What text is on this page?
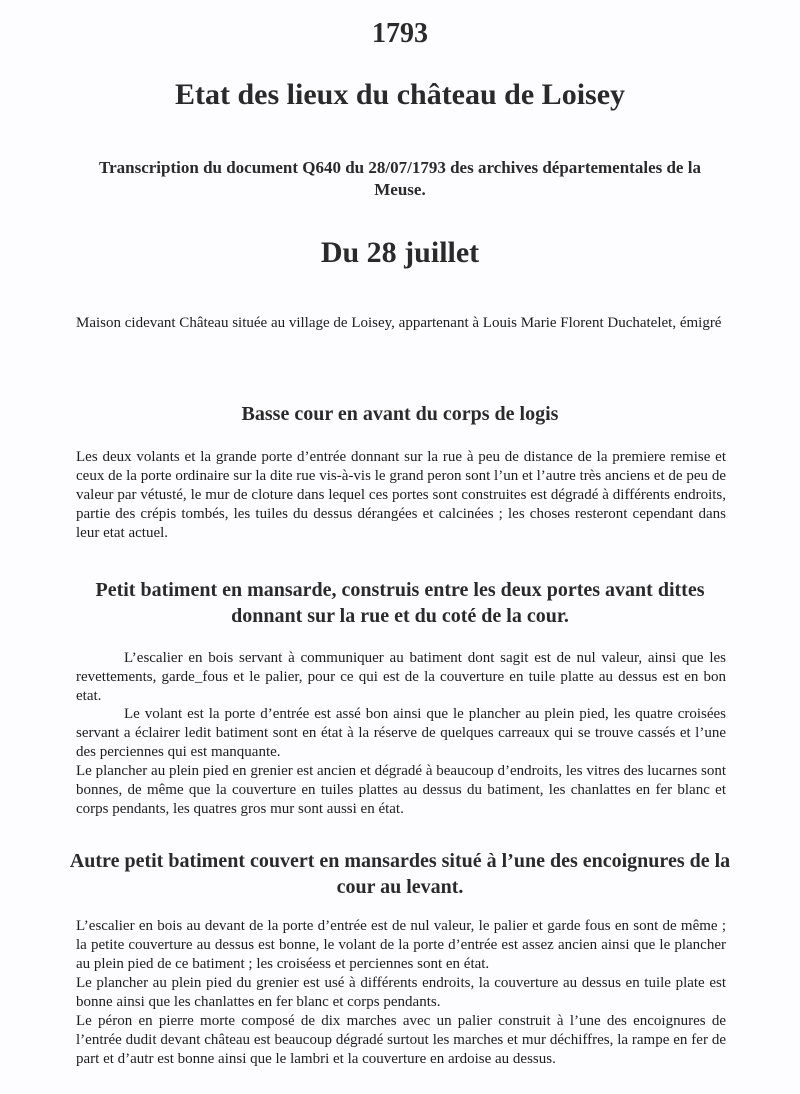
1793
Etat des lieux du château de Loisey
Transcription du document Q640 du 28/07/1793 des archives départementales de la Meuse.
Du 28 juillet
Maison cidevant Château située au village de Loisey, appartenant à Louis Marie Florent Duchatelet, émigré
Basse cour en avant du corps de logis
Les deux volants et la grande porte d’entrée donnant sur la rue à peu de distance de la premiere remise et ceux de la porte ordinaire sur la dite rue vis-à-vis le grand peron sont l’un et l’autre très anciens et de peu de valeur par vétusté, le mur de cloture dans lequel ces portes sont construites est dégradé à différents endroits, partie des crépis tombés, les tuiles du dessus dérangées et calcinées ; les choses resteront cependant dans leur etat actuel.
Petit batiment en mansarde, construis entre les deux portes avant dittes donnant sur la rue et du coté de la cour.

L’escalier en bois servant à communiquer au batiment dont sagit est de nul valeur, ainsi que les revettements, garde_fous et le palier, pour ce qui est de la couverture en tuile platte au dessus est en bon etat.

Le volant est la porte d’entrée est assé bon ainsi que le plancher au plein pied, les quatre croisées servant a éclairer ledit batiment sont en état à la réserve de quelques carreaux qui se trouve cassés et l’une des perciennes qui est manquante.

Le plancher au plein pied en grenier est ancien et dégradé à beaucoup d’endroits, les vitres des lucarnes sont bonnes, de même que la couverture en tuiles plattes au dessus du batiment, les chanlattes en fer blanc et corps pendants, les quatres gros mur sont aussi en état.

Autre petit batiment couvert en mansardes situé à l’une des encoignures de la cour au levant.

L’escalier en bois au devant de la porte d’entrée est de nul valeur, le palier et garde fous en sont de même ; la petite couverture au dessus est bonne, le volant de la porte d’entrée est assez ancien ainsi que le plancher au plein pied de ce batiment ; les croiséess et perciennes sont en état.

Le plancher au plein pied du grenier est usé à différents endroits, la couverture au dessus en tuile plate est bonne ainsi que les chanlattes en fer blanc et corps pendants.

Le péron en pierre morte composé de dix marches avec un palier construit à l’une des encoignures de l’entrée dudit devant château est beaucoup dégradé surtout les marches et mur déchiffres, la rampe en fer de part et d’autr est bonne ainsi que le lambri et la couverture en ardoise au dessus.
